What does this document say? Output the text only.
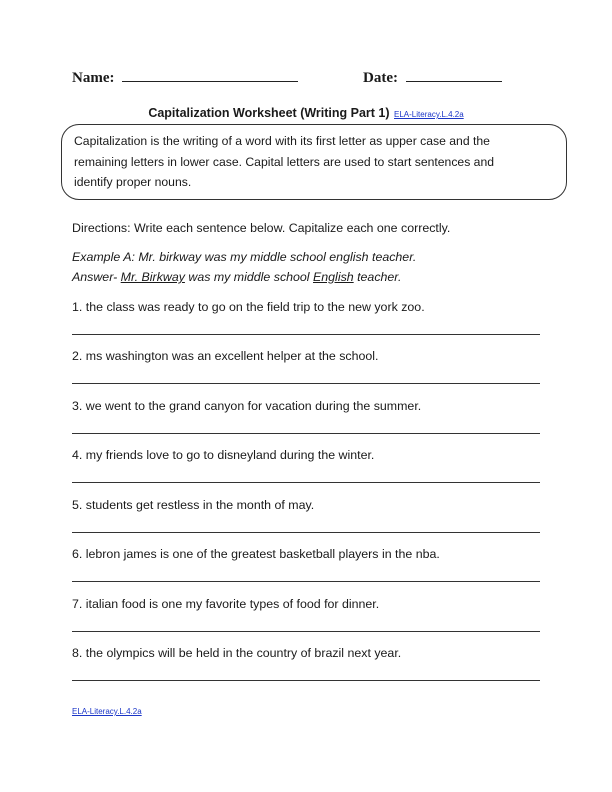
Name:	Date:
Capitalization Worksheet (Writing Part 1) ELA-Literacy.L.4.2a
Capitalization is the writing of a word with its first letter as upper case and the
remaining letters in lower case. Capital letters are used to start sentences and
identify proper nouns.
Directions: Write each sentence below. Capitalize each one correctly.
Example A: Mr. birkway was my middle school english teacher.
Answer- Mr. Birkway was my middle school English teacher.
1. the class was ready to go on the field trip to the new york zoo.
2. ms washington was an excellent helper at the school.
3. we went to the grand canyon for vacation during the summer.
4. my friends love to go to disneyland during the winter.
5. students get restless in the month of may.
6. lebron james is one of the greatest basketball players in the nba.
7. italian food is one my favorite types of food for dinner.
8. the olympics will be held in the country of brazil next year.
ELA-Literacy.L.4.2a
